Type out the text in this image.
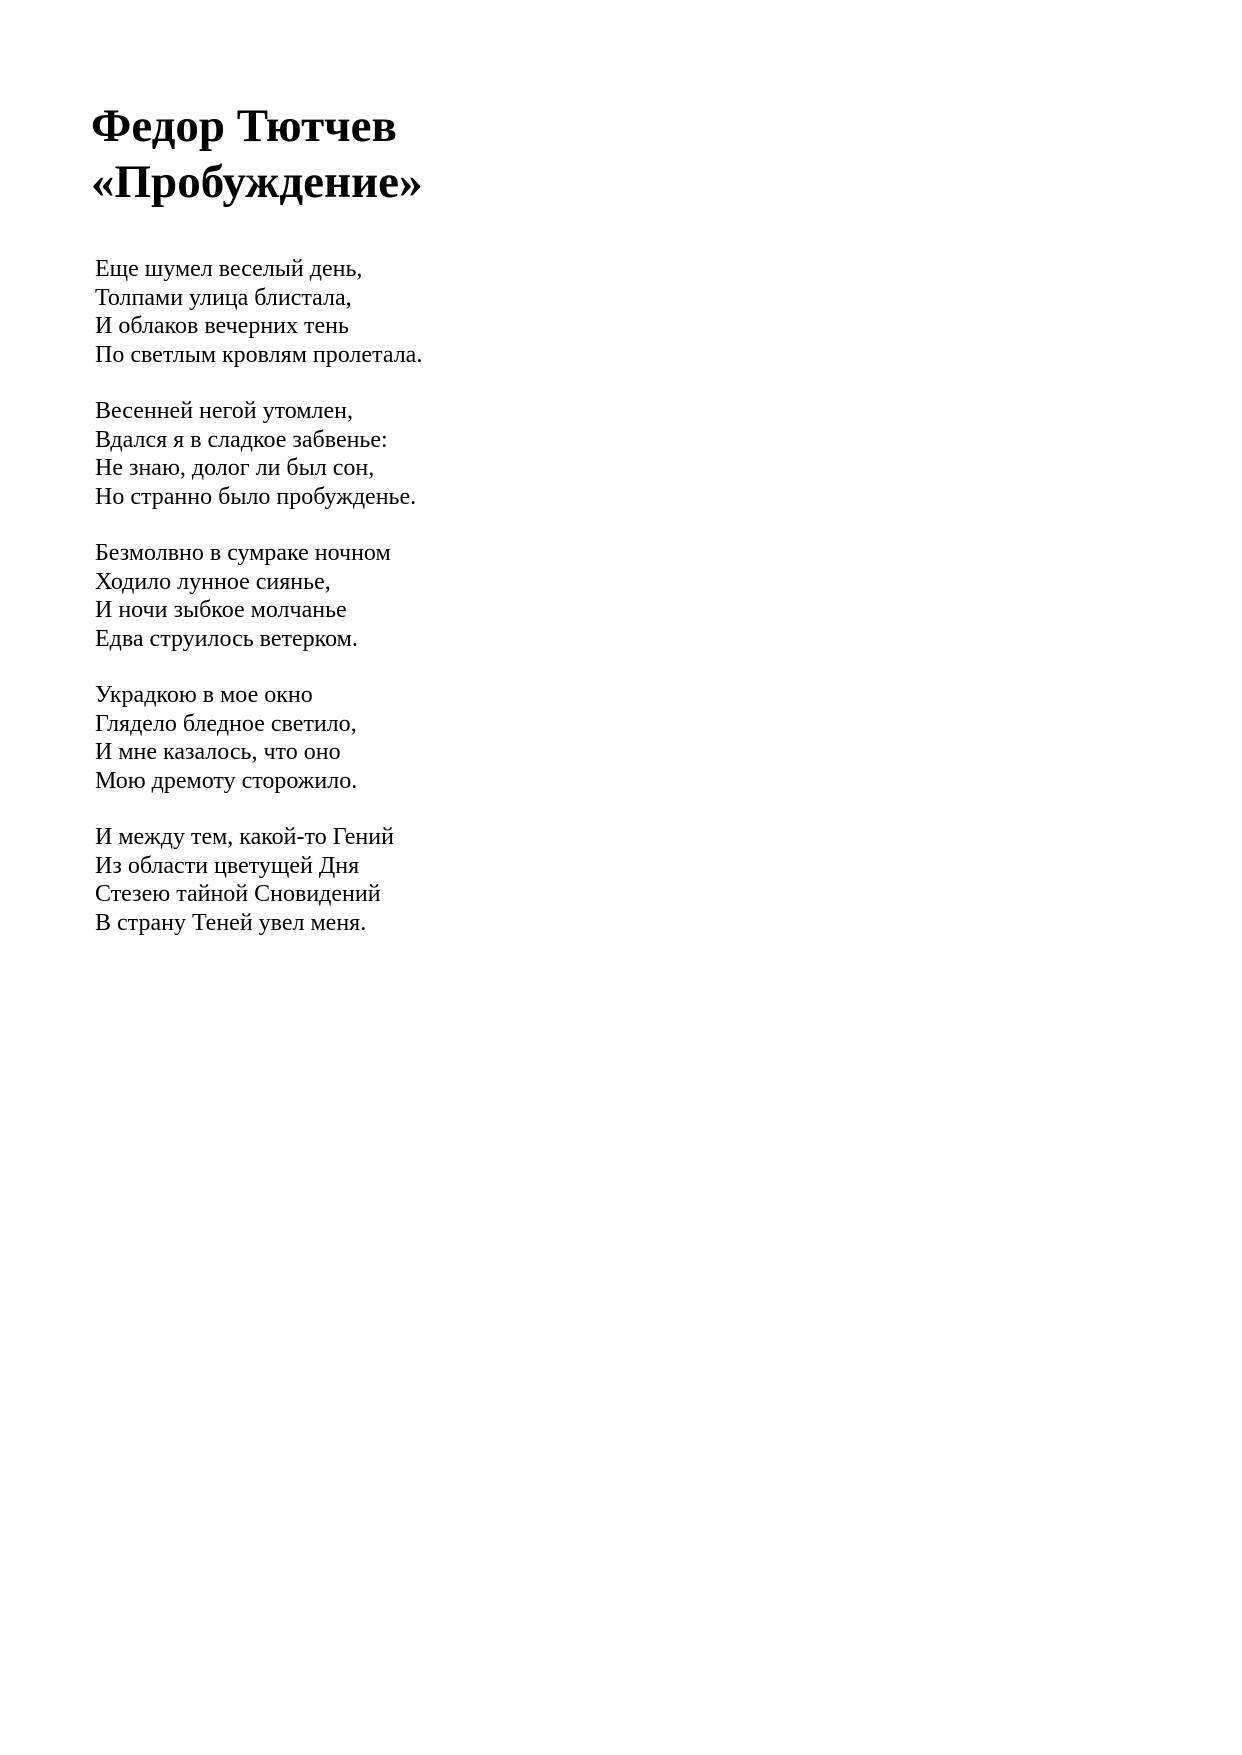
Федор Тютчев
«Пробуждение»
Еще шумел веселый день,
Толпами улица блистала,
И облаков вечерних тень
По светлым кровлям пролетала.
Весенней негой утомлен,
Вдался я в сладкое забвенье:
Не знаю, долог ли был сон,
Но странно было пробужденье.
Безмолвно в сумраке ночном
Ходило лунное сиянье,
И ночи зыбкое молчанье
Едва струилось ветерком.
Украдкою в мое окно
Глядело бледное светило,
И мне казалось, что оно
Мою дремоту сторожило.
И между тем, какой-то Гений
Из области цветущей Дня
Стезею тайной Сновидений
В страну Теней увел меня.
